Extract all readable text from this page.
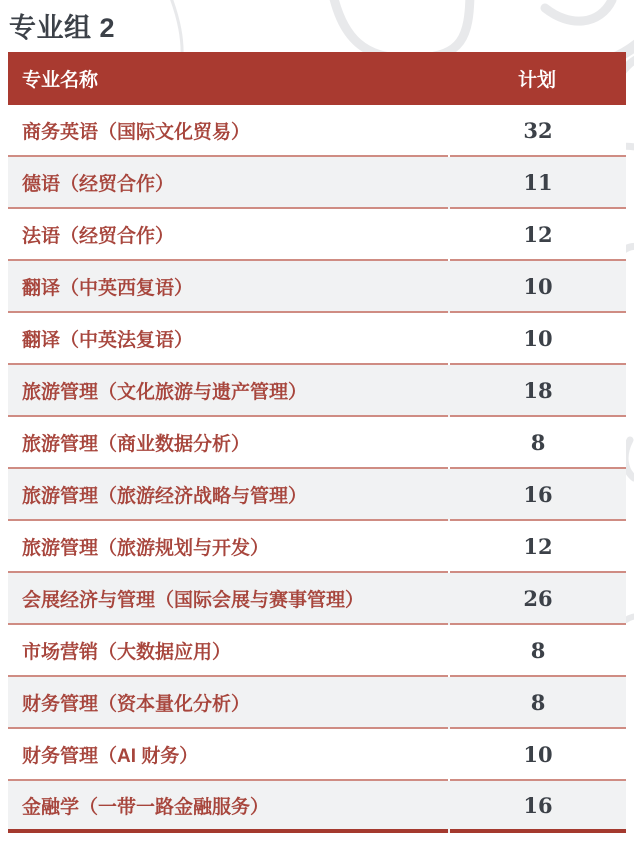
专业组 2
专业名称	计划
商务英语（国际文化贸易）	32
德语（经贸合作）	11
法语（经贸合作）	12
翻译（中英西复语）	10
翻译（中英法复语）	10
旅游管理（文化旅游与遗产管理）	18
旅游管理（商业数据分析）	8
旅游管理（旅游经济战略与管理）	16
旅游管理（旅游规划与开发）	12
会展经济与管理（国际会展与赛事管理）	26
市场营销（大数据应用）	8
财务管理（资本量化分析）	8
财务管理（AI 财务）	10
金融学（一带一路金融服务）	16
